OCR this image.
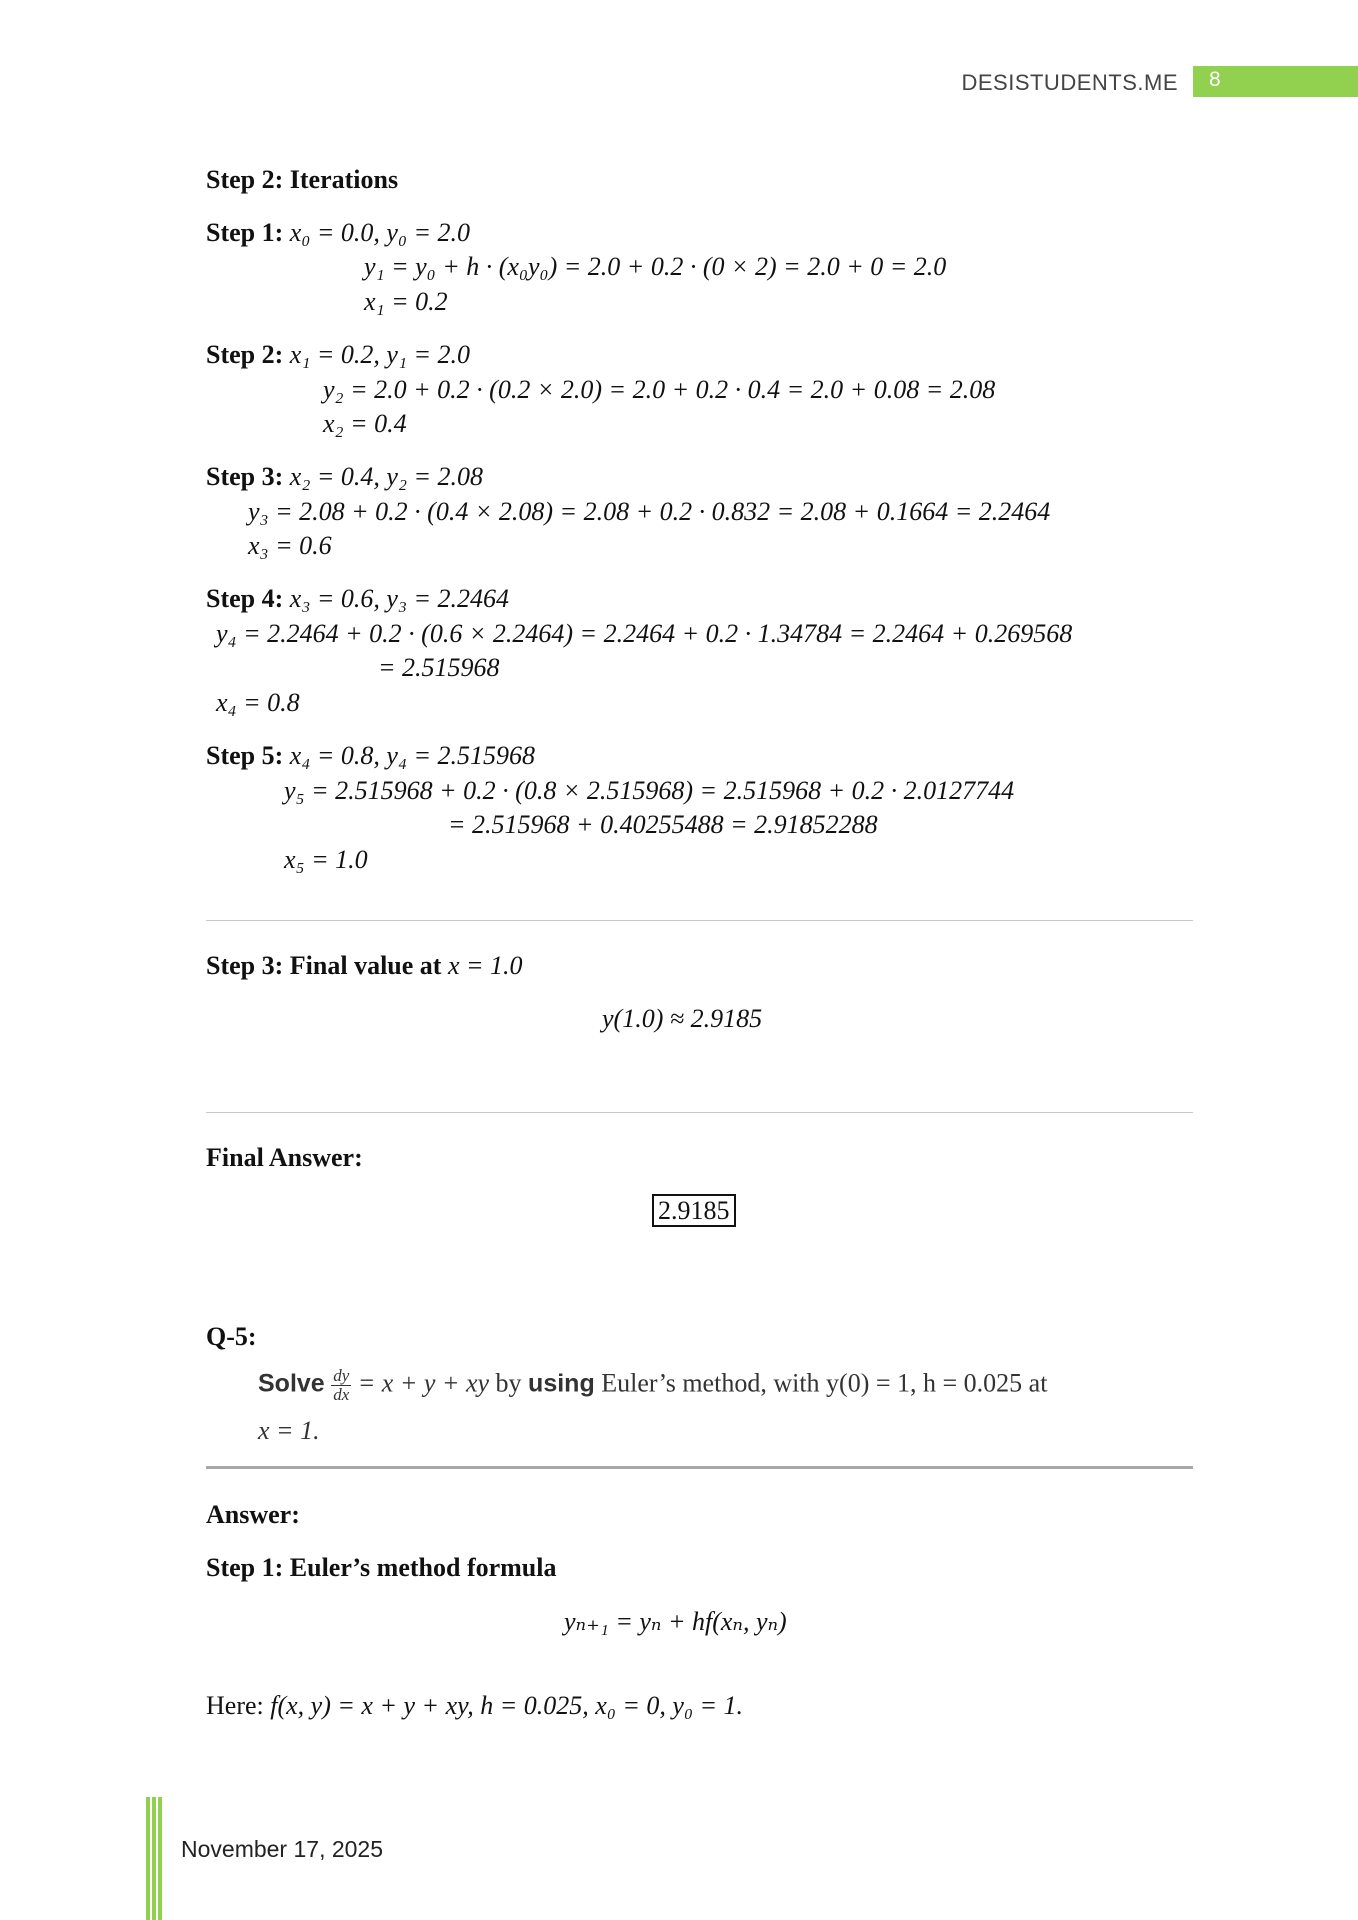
DESISTUDENTS.ME 8
Step 2: Iterations
Step 1: x₀ = 0.0, y₀ = 2.0
y₁ = y₀ + h · (x₀y₀) = 2.0 + 0.2 · (0 × 2) = 2.0 + 0 = 2.0
x₁ = 0.2
Step 2: x₁ = 0.2, y₁ = 2.0
y₂ = 2.0 + 0.2 · (0.2 × 2.0) = 2.0 + 0.2 · 0.4 = 2.0 + 0.08 = 2.08
x₂ = 0.4
Step 3: x₂ = 0.4, y₂ = 2.08
y₃ = 2.08 + 0.2 · (0.4 × 2.08) = 2.08 + 0.2 · 0.832 = 2.08 + 0.1664 = 2.2464
x₃ = 0.6
Step 4: x₃ = 0.6, y₃ = 2.2464
y₄ = 2.2464 + 0.2 · (0.6 × 2.2464) = 2.2464 + 0.2 · 1.34784 = 2.2464 + 0.269568
= 2.515968
x₄ = 0.8
Step 5: x₄ = 0.8, y₄ = 2.515968
y₅ = 2.515968 + 0.2 · (0.8 × 2.515968) = 2.515968 + 0.2 · 2.0127744
= 2.515968 + 0.40255488 = 2.91852288
x₅ = 1.0
Step 3: Final value at x = 1.0
y(1.0) ≈ 2.9185
Final Answer:
2.9185
Q-5:
Solve $\frac{dy}{dx} = x + y$ + xy by using Euler’s method, with y(0) = 1, h = 0.025 at
x = 1.
Answer:
Step 1: Euler’s method formula
yₙ₊₁ = yₙ + hf(xₙ, yₙ)
Here: f(x, y) = x + y + xy, h = 0.025, x₀ = 0, y₀ = 1.
November 17, 2025
